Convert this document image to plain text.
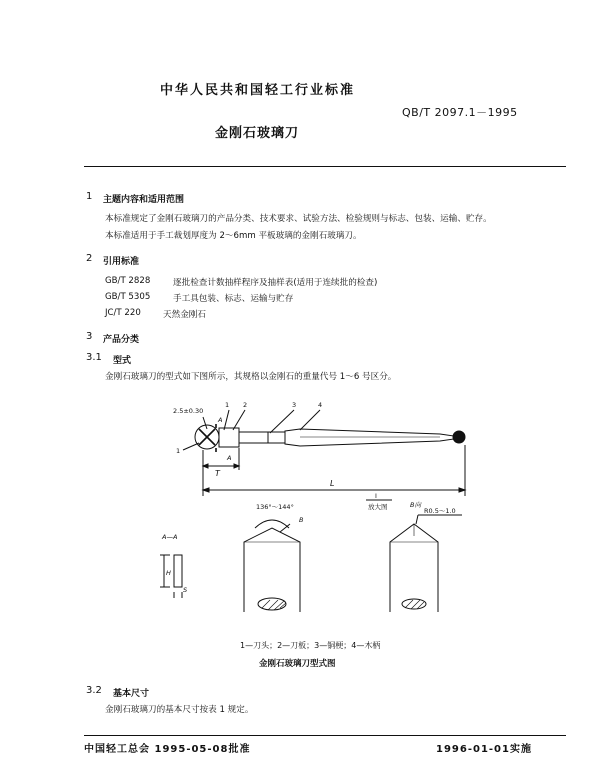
中华人民共和国轻工行业标准
QB/T 2097.1－1995
金刚石玻璃刀
1 主题内容和适用范围
本标准规定了金刚石玻璃刀的产品分类、技术要求、试验方法、检验规则与标志、包装、运输、贮存。
本标准适用于手工裁划厚度为 2～6mm 平板玻璃的金刚石玻璃刀。
2 引用标准
GB/T 2828	逐批检查计数抽样程序及抽样表(适用于连续批的检查)
GB/T 5305	手工具包装、标志、运输与贮存
JC/T 220	天然金刚石
3 产品分类
3.1 型式
金刚石玻璃刀的型式如下图所示，其规格以金刚石的重量代号 1～6 号区分。
2.5±0.30
1 2	3	4
1
A
A
T
L
136°～144°
B
I
放大图	B向
R0.5～1.0
A—A
H
S
1—刀头；2—刀板；3—铜梗；4—木柄
金刚石玻璃刀型式图
3.2 基本尺寸
金刚石玻璃刀的基本尺寸按表 1 规定。
中国轻工总会 1995-05-08批准	1996-01-01实施
